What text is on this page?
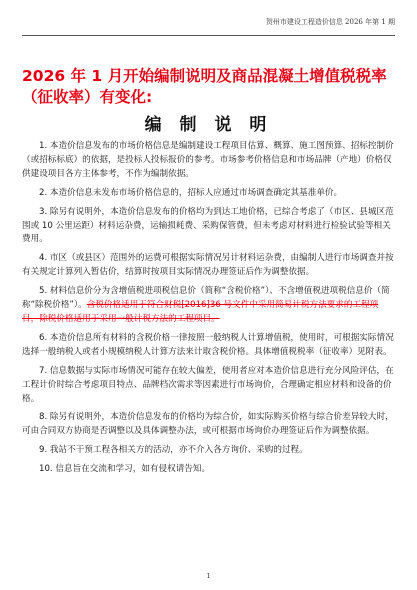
贺州市建设工程造价信息 2026 年第 1 期
2026 年 1 月开始编制说明及商品混凝土增值税税率（征收率）有变化:
编 制 说 明

1. 本造价信息发布的市场价格信息是编制建设工程项目估算、概算、施工图预算、招标控制价（或招标标底）的依据，是投标人投标报价的参考。市场参考价格信息和市场品牌（产地）价格仅供建设项目各方主体参考，不作为编制依据。

2. 本造价信息未发布市场价格信息的，招标人应通过市场调查确定其基准单价。

3. 除另有说明外，本造价信息发布的价格均为到达工地价格，已综合考虑了（市区、县城区范围或 10 公里运距）材料运杂费，运输损耗费、采购保管费，但未考虑对材料进行检验试验等相关费用。

4. 市区（或县区）范围外的运费可根据实际情况另计材料运杂费，由编制人进行市场调查并按有关规定计算列入暂估价，结算时按项目实际情况办理签证后作为调整依据。

5. 材料信息价分为含增值税进项税信息价（简称“含税价格”）、不含增值税进项税信息价（简称“除税价格”）。含税价格适用于符合财税[2016]36 号文件中采用简易计税方法要求的工程项目，除税价格适用于采用一般计税方法的工程项目。

6. 本造价信息所有材料的含税价格一律按照一般纳税人计算增值税，使用时，可根据实际情况选择一般纳税人或者小规模纳税人计算方法来计取含税价格。具体增值税税率（征收率）见附表。

7. 信息数据与实际市场情况可能存在较大偏差，使用者应对本造价信息进行充分风险评估，在工程计价时综合考虑项目特点、品牌档次需求等因素进行市场询价，合理确定相应材料和设备的价格。

8. 除另有说明外，本造价信息发布的价格均为综合价，如实际购买价格与综合价差异较大时，可由合同双方协商是否调整以及具体调整办法，或可根据市场询价办理签证后作为调整依据。

9. 我站不干预工程各相关方的活动，亦不介入各方询价、采购的过程。

10. 信息旨在交流和学习，如有侵权请告知。

1
